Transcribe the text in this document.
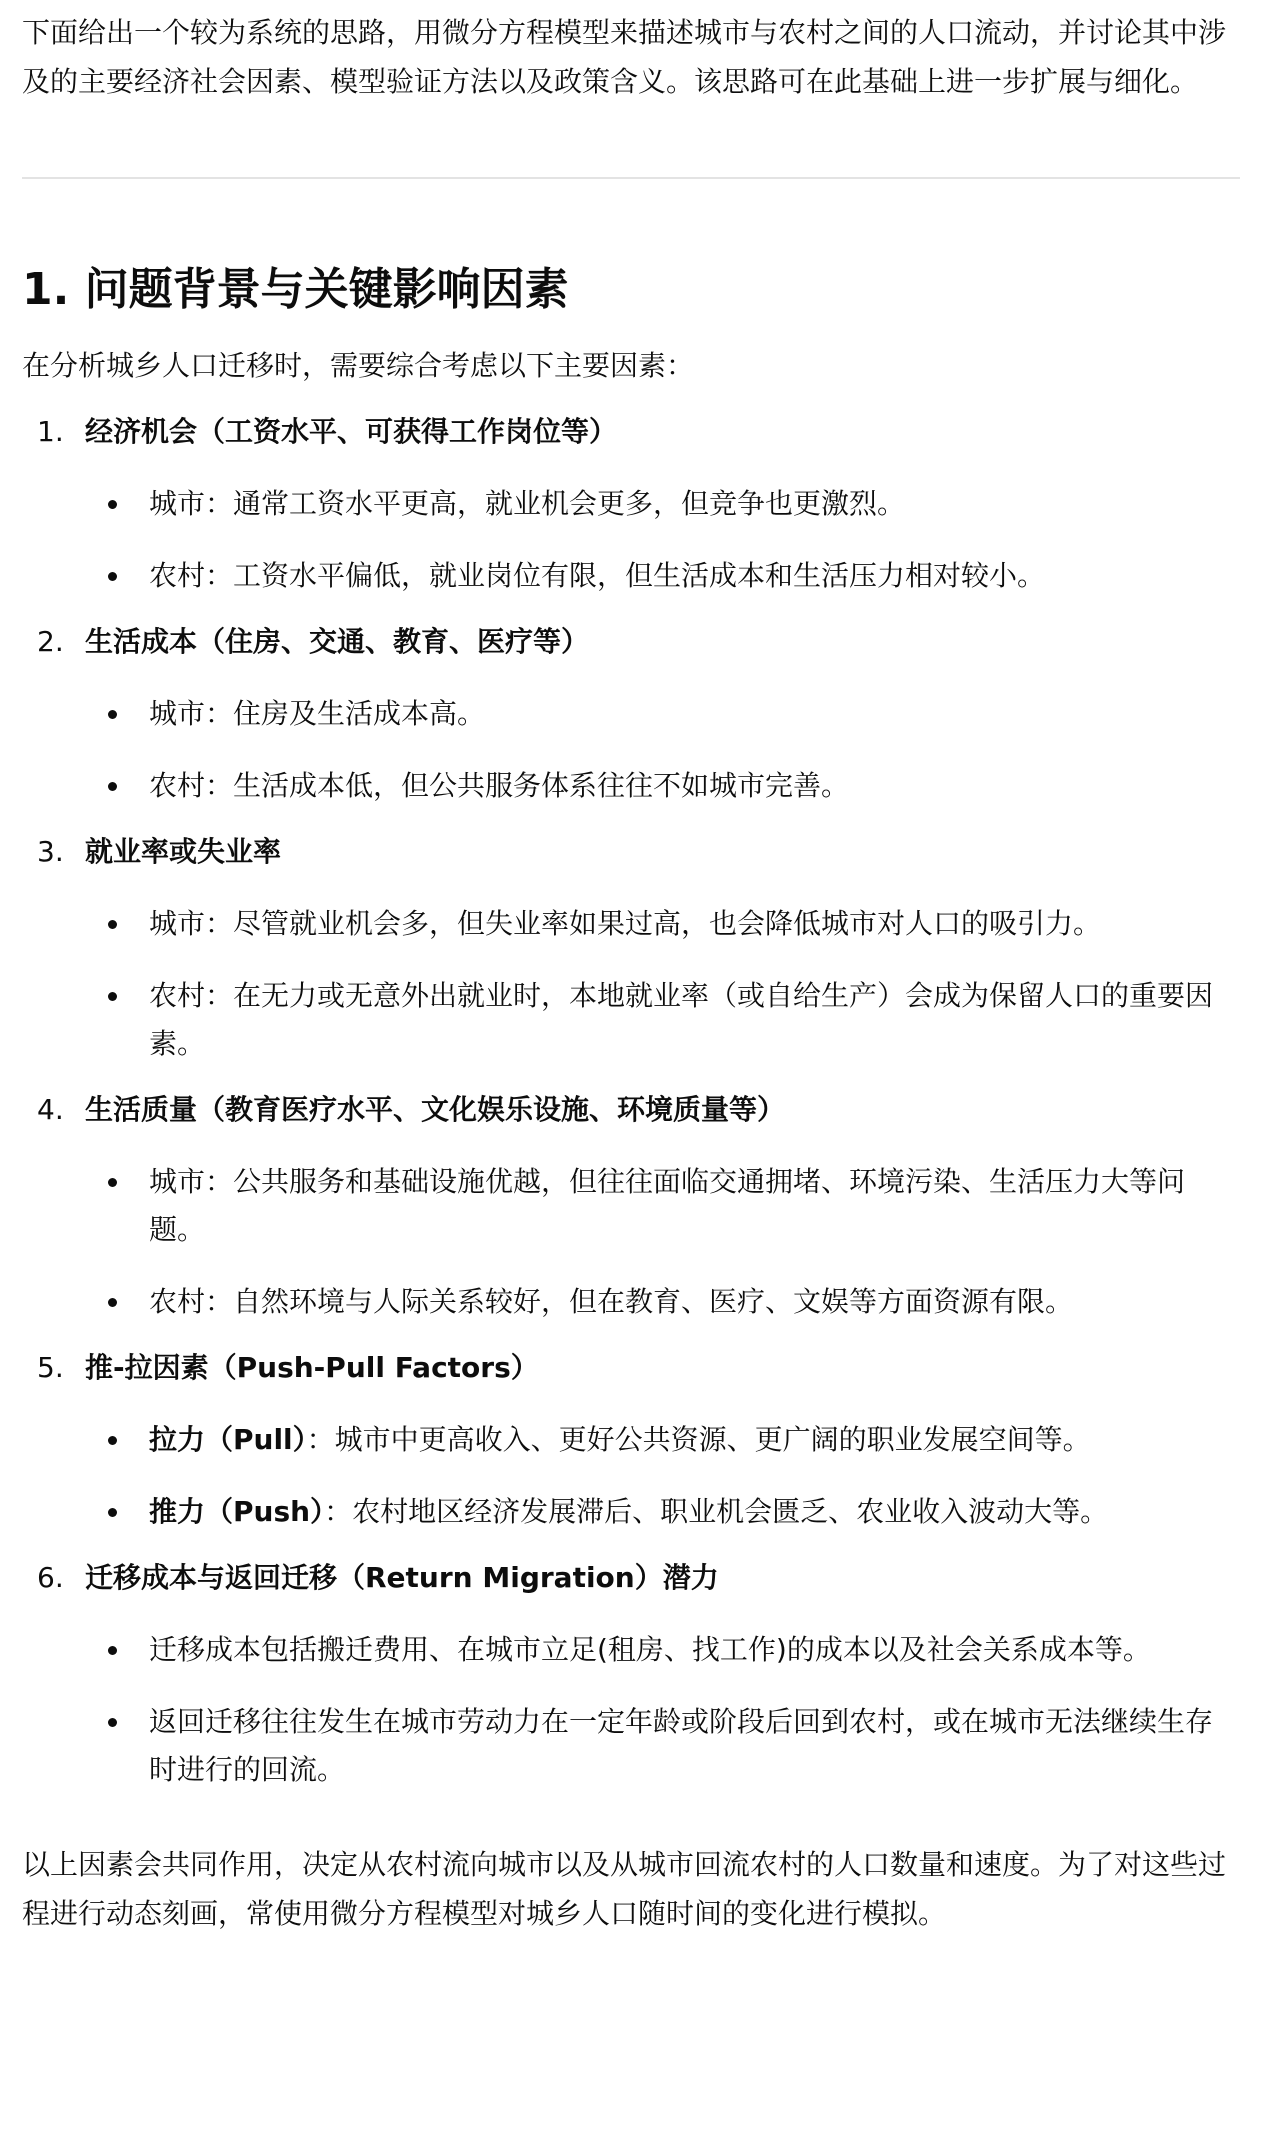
下面给出一个较为系统的思路，用微分方程模型来描述城市与农村之间的人口流动，并讨论其中涉及的主要经济社会因素、模型验证方法以及政策含义。该思路可在此基础上进一步扩展与细化。

1. 问题背景与关键影响因素

在分析城乡人口迁移时，需要综合考虑以下主要因素：

1. 经济机会（工资水平、可获得工作岗位等）
城市：通常工资水平更高，就业机会更多，但竞争也更激烈。
农村：工资水平偏低，就业岗位有限，但生活成本和生活压力相对较小。
2. 生活成本（住房、交通、教育、医疗等）
城市：住房及生活成本高。
农村：生活成本低，但公共服务体系往往不如城市完善。
3. 就业率或失业率
城市：尽管就业机会多，但失业率如果过高，也会降低城市对人口的吸引力。
农村：在无力或无意外出就业时，本地就业率（或自给生产）会成为保留人口的重要因素。
4. 生活质量（教育医疗水平、文化娱乐设施、环境质量等）
城市：公共服务和基础设施优越，但往往面临交通拥堵、环境污染、生活压力大等问题。
农村：自然环境与人际关系较好，但在教育、医疗、文娱等方面资源有限。
5. 推-拉因素（Push-Pull Factors）
拉力（Pull）：城市中更高收入、更好公共资源、更广阔的职业发展空间等。
推力（Push）：农村地区经济发展滞后、职业机会匮乏、农业收入波动大等。
6. 迁移成本与返回迁移（Return Migration）潜力
迁移成本包括搬迁费用、在城市立足(租房、找工作)的成本以及社会关系成本等。
返回迁移往往发生在城市劳动力在一定年龄或阶段后回到农村，或在城市无法继续生存时进行的回流。

以上因素会共同作用，决定从农村流向城市以及从城市回流农村的人口数量和速度。为了对这些过程进行动态刻画，常使用微分方程模型对城乡人口随时间的变化进行模拟。
